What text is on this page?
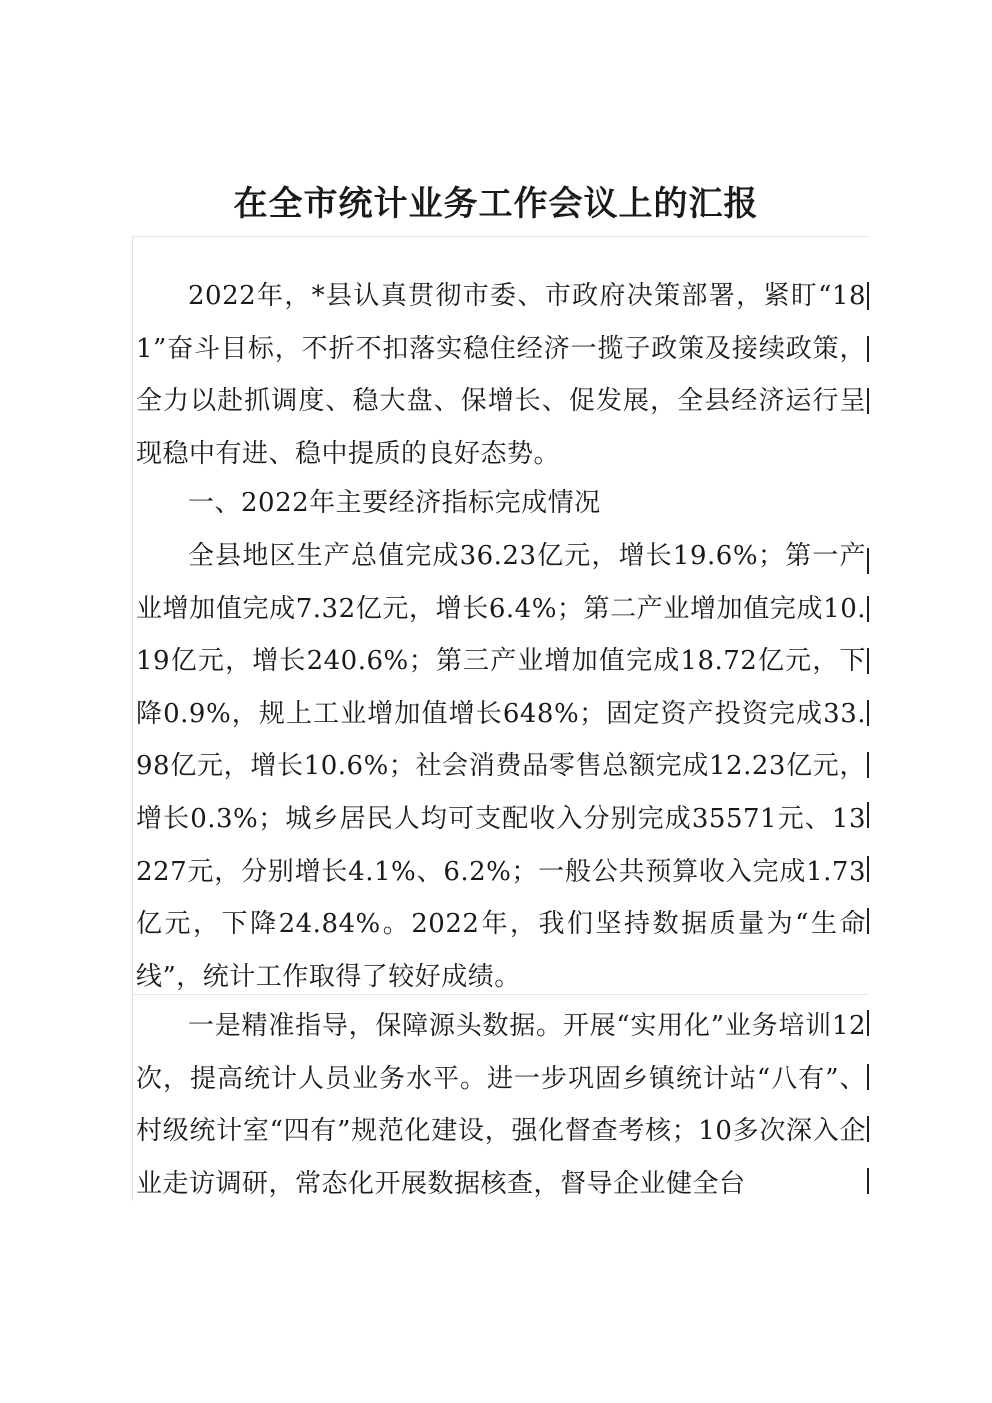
在全市统计业务工作会议上的汇报

2022年，*县认真贯彻市委、市政府决策部署，紧盯“181”奋斗目标，不折不扣落实稳住经济一揽子政策及接续政策，全力以赴抓调度、稳大盘、保增长、促发展，全县经济运行呈现稳中有进、稳中提质的良好态势。

一、2022年主要经济指标完成情况

全县地区生产总值完成36.23亿元，增长19.6%；第一产业增加值完成7.32亿元，增长6.4%；第二产业增加值完成10.19亿元，增长240.6%；第三产业增加值完成18.72亿元，下降0.9%，规上工业增加值增长648%；固定资产投资完成33.98亿元，增长10.6%；社会消费品零售总额完成12.23亿元，增长0.3%；城乡居民人均可支配收入分别完成35571元、13227元，分别增长4.1%、6.2%；一般公共预算收入完成1.73亿元，下降24.84%。2022年，我们坚持数据质量为“生命线”，统计工作取得了较好成绩。

一是精准指导，保障源头数据。开展“实用化”业务培训12次，提高统计人员业务水平。进一步巩固乡镇统计站“八有”、村级统计室“四有”规范化建设，强化督查考核；10多次深入企业走访调研，常态化开展数据核查，督导企业健全台
